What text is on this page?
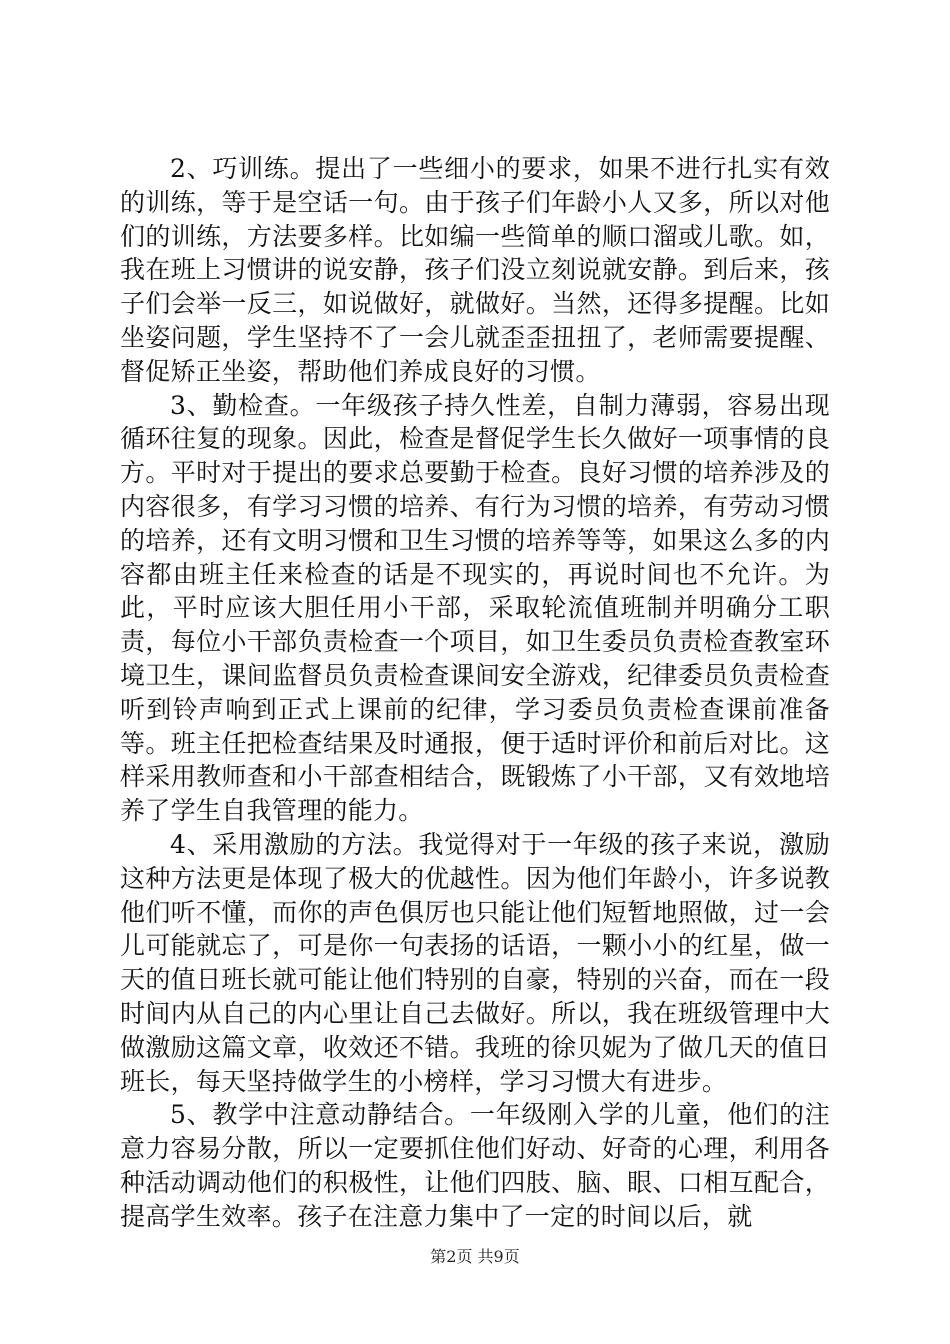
2、巧训练。提出了一些细小的要求，如果不进行扎实有效的训练，等于是空话一句。由于孩子们年龄小人又多，所以对他们的训练，方法要多样。比如编一些简单的顺口溜或儿歌。如，我在班上习惯讲的说安静，孩子们没立刻说就安静。到后来，孩子们会举一反三，如说做好，就做好。当然，还得多提醒。比如坐姿问题，学生坚持不了一会儿就歪歪扭扭了，老师需要提醒、督促矫正坐姿，帮助他们养成良好的习惯。

3、勤检查。一年级孩子持久性差，自制力薄弱，容易出现循环往复的现象。因此，检查是督促学生长久做好一项事情的良方。平时对于提出的要求总要勤于检查。良好习惯的培养涉及的内容很多，有学习习惯的培养、有行为习惯的培养，有劳动习惯的培养，还有文明习惯和卫生习惯的培养等等，如果这么多的内容都由班主任来检查的话是不现实的，再说时间也不允许。为此，平时应该大胆任用小干部，采取轮流值班制并明确分工职责，每位小干部负责检查一个项目，如卫生委员负责检查教室环境卫生，课间监督员负责检查课间安全游戏，纪律委员负责检查听到铃声响到正式上课前的纪律，学习委员负责检查课前准备等。班主任把检查结果及时通报，便于适时评价和前后对比。这样采用教师查和小干部查相结合，既锻炼了小干部，又有效地培养了学生自我管理的能力。

4、采用激励的方法。我觉得对于一年级的孩子来说，激励这种方法更是体现了极大的优越性。因为他们年龄小，许多说教他们听不懂，而你的声色俱厉也只能让他们短暂地照做，过一会儿可能就忘了，可是你一句表扬的话语，一颗小小的红星，做一天的值日班长就可能让他们特别的自豪，特别的兴奋，而在一段时间内从自己的内心里让自己去做好。所以，我在班级管理中大做激励这篇文章，收效还不错。我班的徐贝妮为了做几天的值日班长，每天坚持做学生的小榜样，学习习惯大有进步。

5、教学中注意动静结合。一年级刚入学的儿童，他们的注意力容易分散，所以一定要抓住他们好动、好奇的心理，利用各种活动调动他们的积极性，让他们四肢、脑、眼、口相互配合，提高学生效率。孩子在注意力集中了一定的时间以后，就

第2页 共9页
